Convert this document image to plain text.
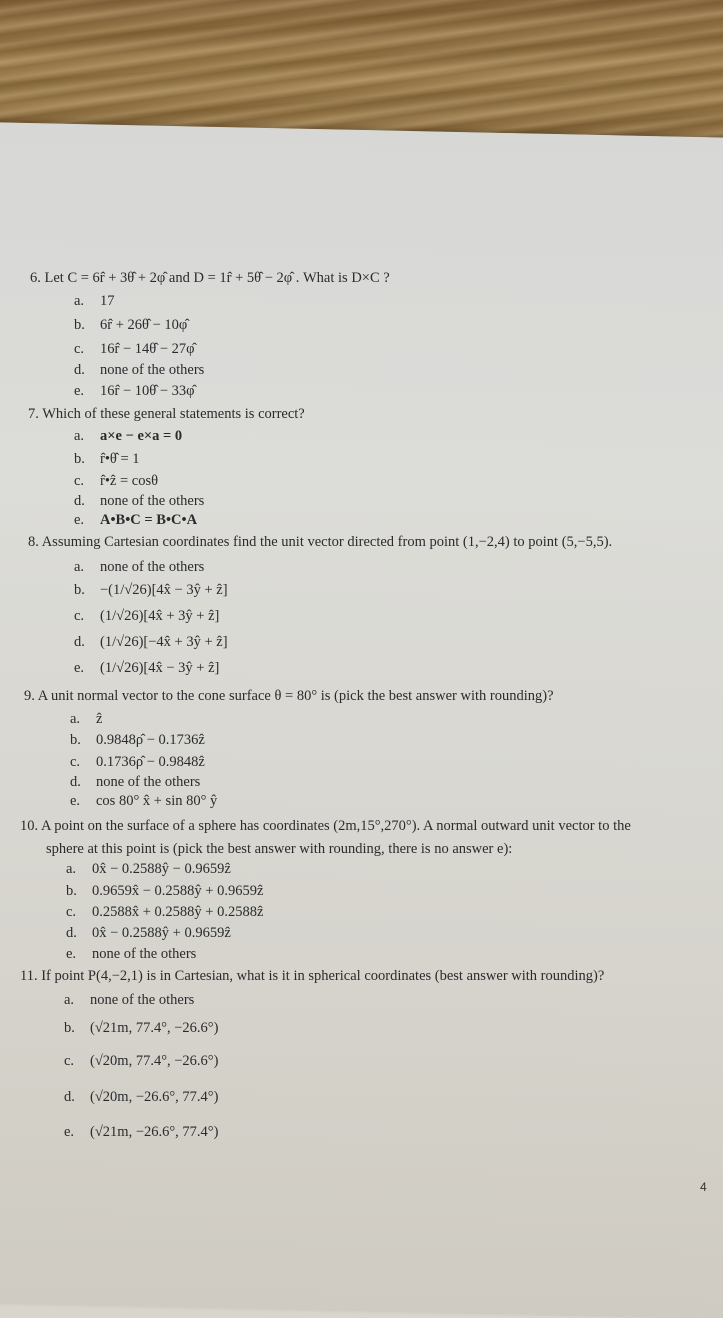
6. Let C = 6r̂ + 3θ̂ + 2φ̂ and D = 1r̂ + 5θ̂ − 2φ̂ . What is D×C ?
a. 17
b. 6r̂ + 26θ̂ − 10φ̂
c. 16r̂ − 14θ̂ − 27φ̂
d. none of the others
e. 16r̂ − 10θ̂ − 33φ̂
7. Which of these general statements is correct?
a. a×e − e×a = 0
b. r̂•θ̂ = 1
c. r̂•ẑ = cosθ
d. none of the others
e. A•B•C = B•C•A
8. Assuming Cartesian coordinates find the unit vector directed from point (1,−2,4) to point (5,−5,5).
a. none of the others
b. −(1/√26)[4x̂ − 3ŷ + ẑ]
c. (1/√26)[4x̂ + 3ŷ + ẑ]
d. (1/√26)[−4x̂ + 3ŷ + ẑ]
e. (1/√26)[4x̂ − 3ŷ + ẑ]
9. A unit normal vector to the cone surface θ = 80° is (pick the best answer with rounding)?
a. ẑ
b. 0.9848ρ̂ − 0.1736ẑ
c. 0.1736ρ̂ − 0.9848ẑ
d. none of the others
e. cos 80° x̂ + sin 80° ŷ
10. A point on the surface of a sphere has coordinates (2m,15°,270°). A normal outward unit vector to the
sphere at this point is (pick the best answer with rounding, there is no answer e):
a. 0x̂ − 0.2588ŷ − 0.9659ẑ
b. 0.9659x̂ − 0.2588ŷ + 0.9659ẑ
c. 0.2588x̂ + 0.2588ŷ + 0.2588ẑ
d. 0x̂ − 0.2588ŷ + 0.9659ẑ
e. none of the others
11. If point P(4,−2,1) is in Cartesian, what is it in spherical coordinates (best answer with rounding)?
a. none of the others
b. (√21m, 77.4°, −26.6°)
c. (√20m, 77.4°, −26.6°)
d. (√20m, −26.6°, 77.4°)
e. (√21m, −26.6°, 77.4°)
4
